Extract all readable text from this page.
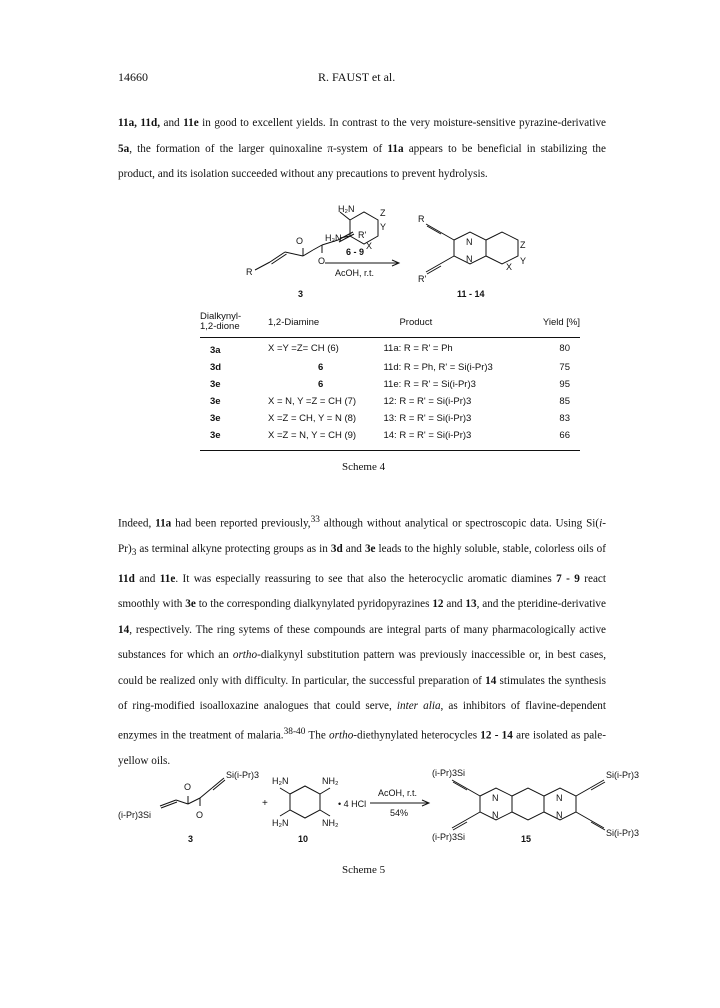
14660	R. FAUST et al.
11a, 11d, and 11e in good to excellent yields. In contrast to the very moisture-sensitive pyrazine-derivative 5a, the formation of the larger quinoxaline π-system of 11a appears to be beneficial in stabilizing the product, and its isolation succeeded without any precautions to prevent hydrolysis.
H₂N
H₂N
Z
Y
X
6 - 9
AcOH, r.t.
O
O
R
R'
3
R
R'
N
N
Z
Y
X
11 - 14
Dialkynyl-
1,2-dione	1,2-Diamine	Product	Yield [%]
3a	X =Y =Z= CH (6)	11a: R = R' = Ph	80
3d	6	11d: R = Ph, R' = Si(i-Pr)3	75
3e	6	11e: R = R' = Si(i-Pr)3	95
3e	X = N, Y =Z = CH (7)	12: R = R' = Si(i-Pr)3	85
3e	X =Z = CH, Y = N (8)	13: R = R' = Si(i-Pr)3	83
3e	X =Z = N, Y = CH (9)	14: R = R' = Si(i-Pr)3	66
Scheme 4
Indeed, 11a had been reported previously,$^{33}$ although without analytical or spectroscopic data. Using $Si(i-Pr)_3$ as terminal alkyne protecting groups as in 3d and 3e leads to the highly soluble, stable, colorless oils of 11d and 11e. It was especially reassuring to see that also the heterocyclic aromatic diamines 7 - 9 react smoothly with 3e to the corresponding dialkynylated pyridopyrazines 12 and 13, and the pteridine-derivative 14, respectively. The ring sytems of these compounds are integral parts of many pharmacologically active substances for which an ortho-dialkynyl substitution pattern was previously inaccessible or, in best cases, could be realized only with difficulty. In particular, the successful preparation of 14 stimulates the synthesis of ring-modified isoalloxazine analogues that could serve, inter alia, as inhibitors of flavine-dependent enzymes in the treatment of malaria.$^{38-40}$ The ortho-diethynylated heterocycles 12 - 14 are isolated as pale-yellow oils.
Si(i-Pr)3
(i-Pr)3Si
O
O
3
+
H₂N	NH₂
H₂N	NH₂
• 4 HCl
10
AcOH, r.t.
54%
(i-Pr)3Si	Si(i-Pr)3
(i-Pr)3Si	Si(i-Pr)3
N
N
N
N
15
Scheme 5
